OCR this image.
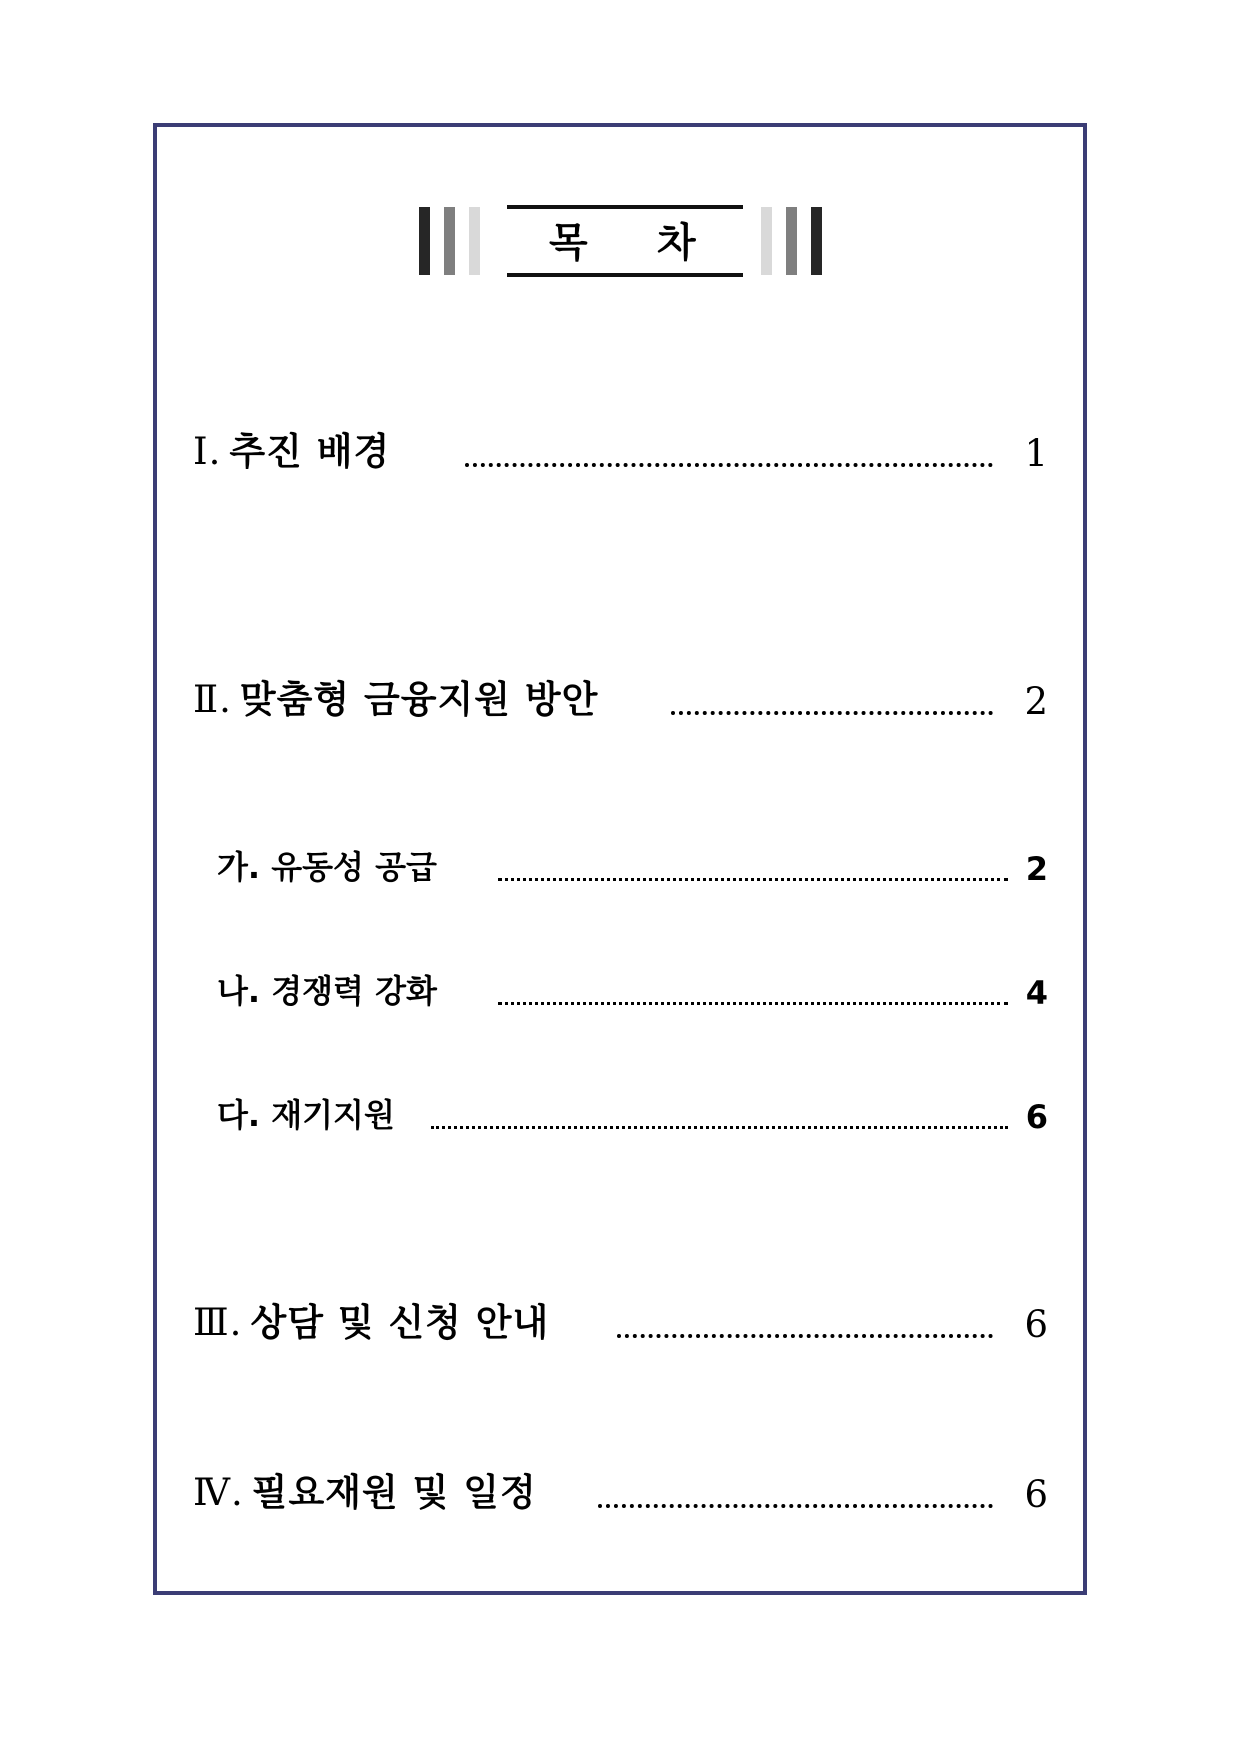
목 차
Ⅰ. 추진 배경	1
Ⅱ. 맞춤형 금융지원 방안	2
가. 유동성 공급	2
나. 경쟁력 강화	4
다. 재기지원	6
Ⅲ. 상담 및 신청 안내	6
Ⅳ. 필요재원 및 일정	6
